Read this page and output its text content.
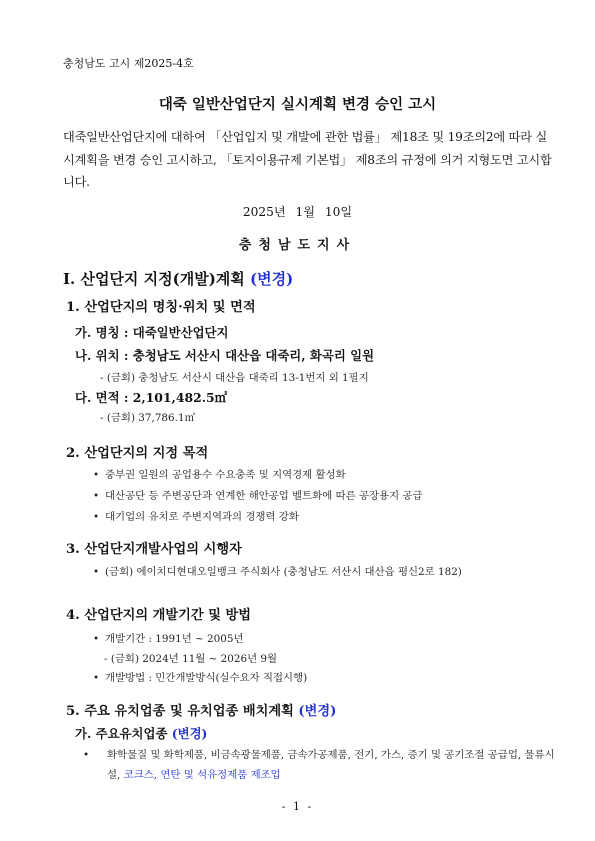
충청남도 고시 제2025-4호
대죽 일반산업단지 실시계획 변경 승인 고시
대죽일반산업단지에 대하여 「산업입지 및 개발에 관한 법률」 제18조 및 19조의2에 따라 실시계획을 변경 승인 고시하고, 「토지이용규제 기본법」 제8조의 규정에 의거 지형도면 고시합니다.
2025년 1월 10일
충청남도지사
Ⅰ. 산업단지 지정(개발)계획 (변경)
1. 산업단지의 명칭·위치 및 면적
가. 명칭 : 대죽일반산업단지
나. 위치 : 충청남도 서산시 대산읍 대죽리, 화곡리 일원
- (금회) 충청남도 서산시 대산읍 대죽리 13-1번지 외 1필지
다. 면적 : 2,101,482.5㎡
- (금회) 37,786.1㎡
2. 산업단지의 지정 목적
• 중부권 일원의 공업용수 수요충족 및 지역경제 활성화
• 대산공단 등 주변공단과 연계한 해안공업 벨트화에 따른 공장용지 공급
• 대기업의 유치로 주변지역과의 경쟁력 강화
3. 산업단지개발사업의 시행자
• (금회) 에이치디현대오일뱅크 주식회사 (충청남도 서산시 대산읍 평신2로 182)
4. 산업단지의 개발기간 및 방법
• 개발기간 : 1991년 ~ 2005년
- (금회) 2024년 11월 ~ 2026년 9월
• 개발방법 : 민간개발방식(실수요자 직접시행)
5. 주요 유치업종 및 유치업종 배치계획 (변경)
가. 주요유치업종 (변경)
• 화학물질 및 화학제품, 비금속광물제품, 금속가공제품, 전기, 가스, 증기 및 공기조절 공급업, 물류시설, 코크스, 연탄 및 석유정제품 제조업
- 1 -
